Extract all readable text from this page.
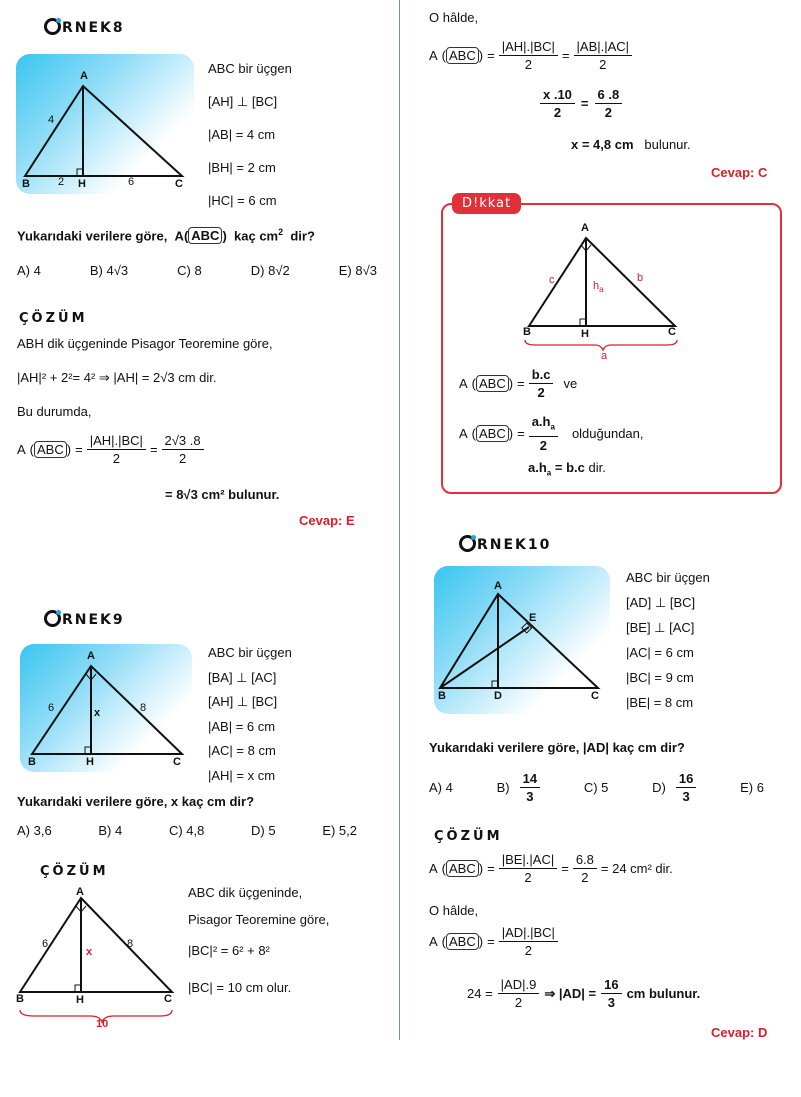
RNEK8
A
B	H	C
4
2	6
ABC bir üçgen
[AH] ⊥ [BC]
|AB| = 4 cm
|BH| = 2 cm
|HC| = 6 cm
Yukarıdaki verilere göre, A( ABC )  kaç $cm^2$ dir?
A) 4	B) 4√3	C) 8	D) 8√2	E) 8√3
ÇÖZÜM
ABH dik üçgeninde Pisagor Teoremine göre,
|AH|² + 2²= 4² ⇒ |AH| = 2√3 cm dir.
Bu durumda,
A ( ABC ) = $\frac{|AH|.|BC|}{2} = \frac{2√3 .8}{2}$
= 8√3 cm² bulunur.
Cevap: E
RNEK9
A
B	H	C
6	8
x
ABC bir üçgen
[BA] ⊥ [AC]
[AH] ⊥ [BC]
|AB| = 6 cm
|AC| = 8 cm
|AH| = x cm
Yukarıdaki verilere göre, x kaç cm dir?
A) 3,6	B) 4	C) 4,8	D) 5	E) 5,2
ÇÖZÜM
A
B	H	C
6	8
x
10
ABC dik üçgeninde,
Pisagor Teoremine göre,
|BC|² = 6² + 8²
|BC| = 10 cm olur.
O hâlde,
A ( ABC ) = $\frac{|AH|.|BC|}{2} = \frac{|AB|.|AC|}{2}$
$\frac{x .10}{2} = \frac{6 .8}{2}$
x = 4,8 cm bulunur.
Cevap: C
D!kkat
A
B	H	C
c	b
$h_a$
a
A ( ABC ) = $\frac{b.c}{2}$ ve
A ( ABC ) = $\frac{a.h_a}{2}$ olduğundan,
$a.h_a = b.c$ dir.
RNEK10
A
B	D	C
E
ABC bir üçgen
[AD] ⊥ [BC]
[BE] ⊥ [AC]
|AC| = 6 cm
|BC| = 9 cm
|BE| = 8 cm
Yukarıdaki verilere göre, |AD| kaç cm dir?
A) 4	$B) \frac{14}{3}$	C) 5	$D) \frac{16}{3}$	E) 6
ÇÖZÜM
A ( ABC ) = $\frac{|BE|.|AC|}{2} = \frac{6.8}{2} = 24$ cm² dir.
O hâlde,
A ( ABC ) = $\frac{|AD|.|BC|}{2}$
$24 = \frac{|AD|.9}{2}$ ⇒ $|AD| = \frac{16}{3}$ cm bulunur.
Cevap: D
